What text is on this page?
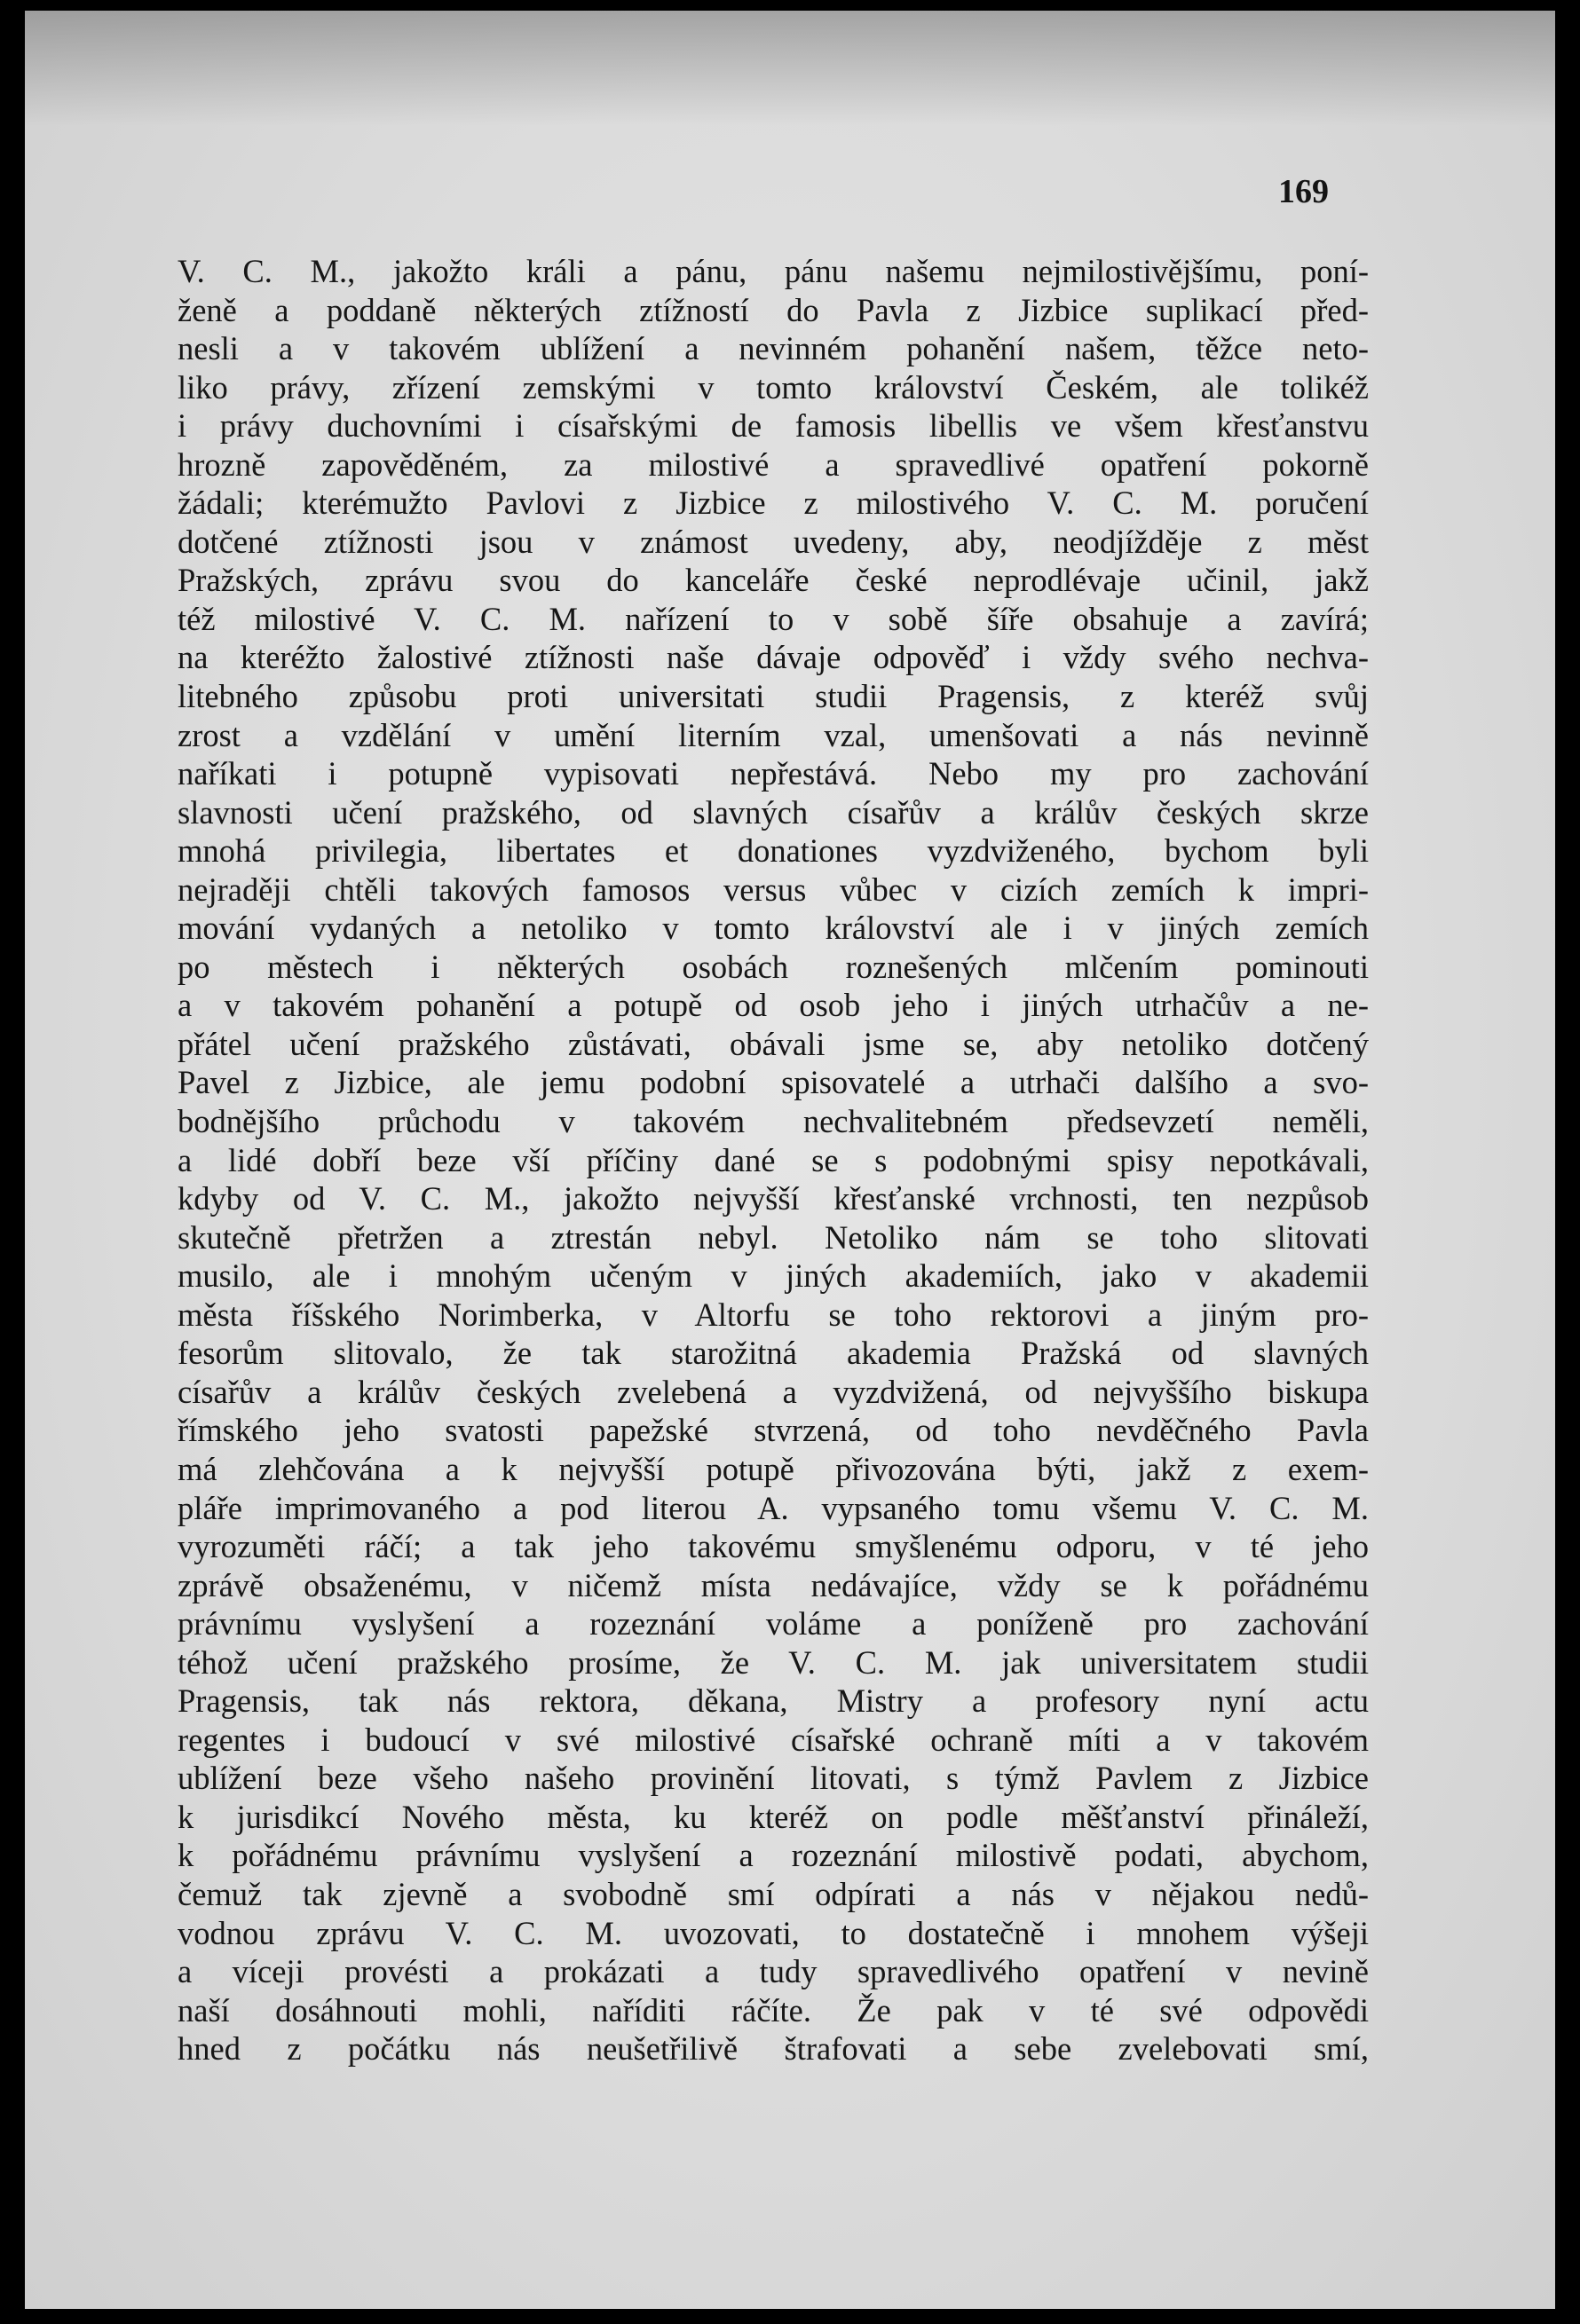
169

V. C. M., jakožto králi a pánu, pánu našemu nejmilostivějšímu, poní-
ženě a poddaně některých ztížností do Pavla z Jizbice suplikací před-
nesli a v takovém ublížení a nevinném pohanění našem, těžce neto-
liko právy, zřízení zemskými v tomto království Českém, ale tolikéž
i právy duchovními i císařskými de famosis libellis ve všem křesťanstvu
hrozně zapověděném, za milostivé a spravedlivé opatření pokorně
žádali; kterémužto Pavlovi z Jizbice z milostivého V. C. M. poručení
dotčené ztížnosti jsou v známost uvedeny, aby, neodjížděje z měst
Pražských, zprávu svou do kanceláře české neprodlévaje učinil, jakž
též milostivé V. C. M. nařízení to v sobě šíře obsahuje a zavírá;
na kteréžto žalostivé ztížnosti naše dávaje odpověď i vždy svého nechva-
litebného způsobu proti universitati studii Pragensis, z kteréž svůj
zrost a vzdělání v umění literním vzal, umenšovati a nás nevinně
naříkati i potupně vypisovati nepřestává. Nebo my pro zachování
slavnosti učení pražského, od slavných císařův a králův českých skrze
mnohá privilegia, libertates et donationes vyzdviženého, bychom byli
nejraději chtěli takových famosos versus vůbec v cizích zemích k impri-
mování vydaných a netoliko v tomto království ale i v jiných zemích
po městech i některých osobách roznešených mlčením pominouti
a v takovém pohanění a potupě od osob jeho i jiných utrhačův a ne-
přátel učení pražského zůstávati, obávali jsme se, aby netoliko dotčený
Pavel z Jizbice, ale jemu podobní spisovatelé a utrhači dalšího a svo-
bodnějšího průchodu v takovém nechvalitebném předsevzetí neměli,
a lidé dobří beze vší příčiny dané se s podobnými spisy nepotkávali,
kdyby od V. C. M., jakožto nejvyšší křesťanské vrchnosti, ten nezpůsob
skutečně přetržen a ztrestán nebyl. Netoliko nám se toho slitovati
musilo, ale i mnohým učeným v jiných akademiích, jako v akademii
města říšského Norimberka, v Altorfu se toho rektorovi a jiným pro-
fesorům slitovalo, že tak starožitná akademia Pražská od slavných
císařův a králův českých zvelebená a vyzdvižená, od nejvyššího biskupa
římského jeho svatosti papežské stvrzená, od toho nevděčného Pavla
má zlehčována a k nejvyšší potupě přivozována býti, jakž z exem-
pláře imprimovaného a pod literou A. vypsaného tomu všemu V. C. M.
vyrozuměti ráčí; a tak jeho takovému smyšlenému odporu, v té jeho
zprávě obsaženému, v ničemž místa nedávajíce, vždy se k pořádnému
právnímu vyslyšení a rozeznání voláme a poníženě pro zachování
téhož učení pražského prosíme, že V. C. M. jak universitatem studii
Pragensis, tak nás rektora, děkana, Mistry a profesory nyní actu
regentes i budoucí v své milostivé císařské ochraně míti a v takovém
ublížení beze všeho našeho provinění litovati, s týmž Pavlem z Jizbice
k jurisdikcí Nového města, ku kteréž on podle měšťanství přináleží,
k pořádnému právnímu vyslyšení a rozeznání milostivě podati, abychom,
čemuž tak zjevně a svobodně smí odpírati a nás v nějakou nedů-
vodnou zprávu V. C. M. uvozovati, to dostatečně i mnohem výšeji
a víceji provésti a prokázati a tudy spravedlivého opatření v nevině
naší dosáhnouti mohli, naříditi ráčíte. Že pak v té své odpovědi
hned z počátku nás neušetřilivě štrafovati a sebe zvelebovati smí,
